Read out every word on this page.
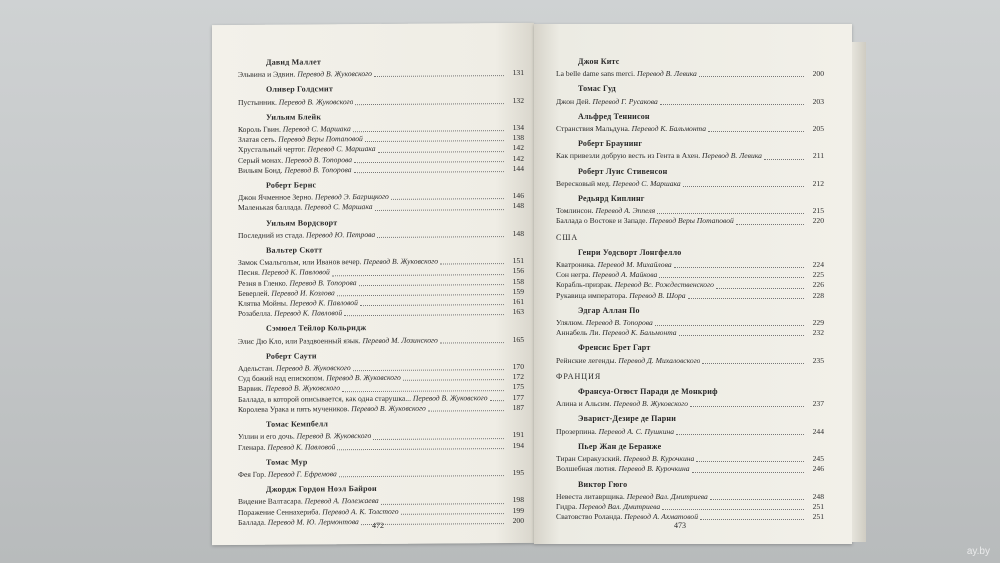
Давид Маллет
Эльвина и Эдвин. Перевод В. Жуковского	131
Оливер Голдсмит
Пустынник. Перевод В. Жуковского	132
Уильям Блейк
Король Гвин. Перевод С. Маршака	134
Златая сеть. Перевод Веры Потаповой	138
Хрустальный чертог. Перевод С. Маршака	142
Серый монах. Перевод В. Топорова	142
Вильям Бонд. Перевод В. Топорова	144
Роберт Бернс
Джон Ячменное Зерно. Перевод Э. Багрицкого	146
Маленькая баллада. Перевод С. Маршака	148
Уильям Вордсворт
Последний из стада. Перевод Ю. Петрова	148
Вальтер Скотт
Замок Смальгольм, или Иванов вечер. Перевод В. Жуковского	151
Песня. Перевод К. Павловой	156
Резня в Гленко. Перевод В. Топорова	158
Беверлей. Перевод И. Козлова	159
Клятва Мойны. Перевод К. Павловой	161
Розабелла. Перевод К. Павловой	163
Сэмюел Тейлор Кольридж
Элис Дю Кло, или Раздвоенный язык. Перевод М. Лозинского	165
Роберт Саути
Адельстан. Перевод В. Жуковского	170
Суд божий над епископом. Перевод В. Жуковского	172
Варвик. Перевод В. Жуковского	175
Баллада, в которой описывается, как одна старушка... Перевод В. Жуковского	177
Королева Урака и пять мучеников. Перевод В. Жуковского	187
Томас Кемпбелл
Уллин и его дочь. Перевод В. Жуковского	191
Гленара. Перевод К. Павловой	194
Томас Мур
Фея Гор. Перевод Г. Ефремова	195
Джордж Гордон Ноэл Байрон
Видение Валтасара. Перевод А. Полежаева	198
Поражение Сеннахериба. Перевод А. К. Толстого	199
Баллада. Перевод М. Ю. Лермонтова	200
472
Джон Китс
La belle dame sans merci. Перевод В. Левика	200
Томас Гуд
Джон Дей. Перевод Г. Русакова	203
Альфред Теннисон
Странствия Мальдуна. Перевод К. Бальмонта	205
Роберт Браунинг
Как привезли добрую весть из Гента в Ахен. Перевод В. Левика	211
Роберт Луис Стивенсон
Вересковый мед. Перевод С. Маршака	212
Редьярд Киплинг
Томлинсон. Перевод А. Эппеля	215
Баллада о Востоке и Западе. Перевод Веры Потаповой	220
США
Генри Уодсворт Лонгфелло
Кватроника. Перевод М. Михайлова	224
Сон негра. Перевод А. Майкова	225
Корабль-призрак. Перевод Вс. Рождественского	226
Рукавица императора. Перевод В. Шора	228
Эдгар Аллан По
Улялюм. Перевод В. Топорова	229
Аннабель Ли. Перевод К. Бальмонта	232
Френсис Брет Гарт
Рейнские легенды. Перевод Д. Михаловского	235
ФРАНЦИЯ
Франсуа-Огюст Паради де Монкриф
Алина и Альсим. Перевод В. Жуковского	237
Эварист-Дезире де Парни
Прозерпина. Перевод А. С. Пушкина	244
Пьер Жан де Беранже
Тиран Сиракузский. Перевод В. Курочкина	245
Волшебная лютня. Перевод В. Курочкина	246
Виктор Гюго
Невеста литаврщика. Перевод Вал. Дмитриева	248
Гидра. Перевод Вал. Дмитриева	251
Сватовство Роланда. Перевод А. Ахматовой	251
473
ay.by
